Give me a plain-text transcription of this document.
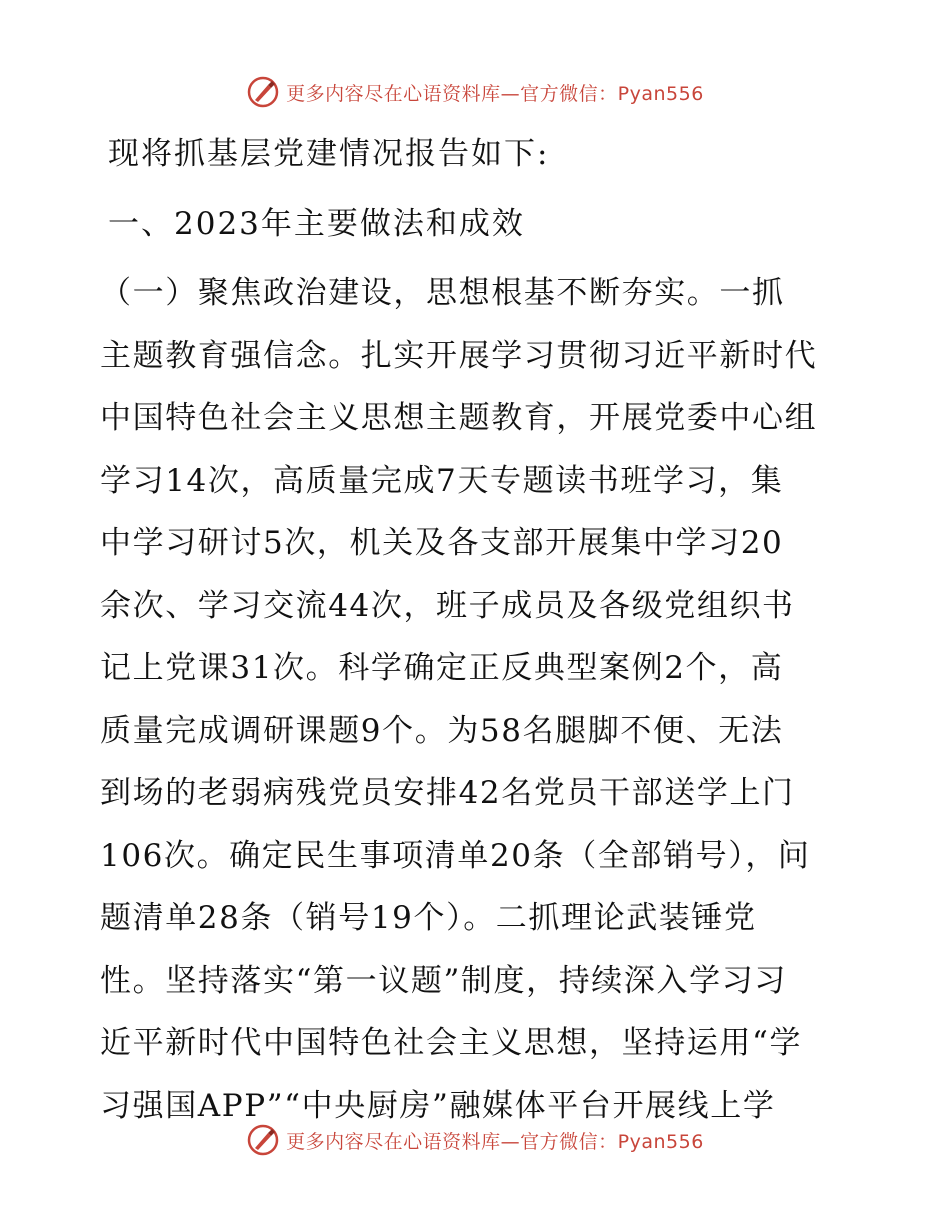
更多内容尽在心语资料库—官方微信：Pyan556
现将抓基层党建情况报告如下:
一、2023年主要做法和成效
（一）聚焦政治建设，思想根基不断夯实。一抓
主题教育强信念。扎实开展学习贯彻习近平新时代
中国特色社会主义思想主题教育，开展党委中心组
学习14次，高质量完成7天专题读书班学习，集
中学习研讨5次，机关及各支部开展集中学习20
余次、学习交流44次，班子成员及各级党组织书
记上党课31次。科学确定正反典型案例2个，高
质量完成调研课题9个。为58名腿脚不便、无法
到场的老弱病残党员安排42名党员干部送学上门
106次。确定民生事项清单20条（全部销号），问
题清单28条（销号19个）。二抓理论武装锤党
性。坚持落实“第一议题”制度，持续深入学习习
近平新时代中国特色社会主义思想，坚持运用“学
习强国APP”“中央厨房”融媒体平台开展线上学
更多内容尽在心语资料库—官方微信：Pyan556
